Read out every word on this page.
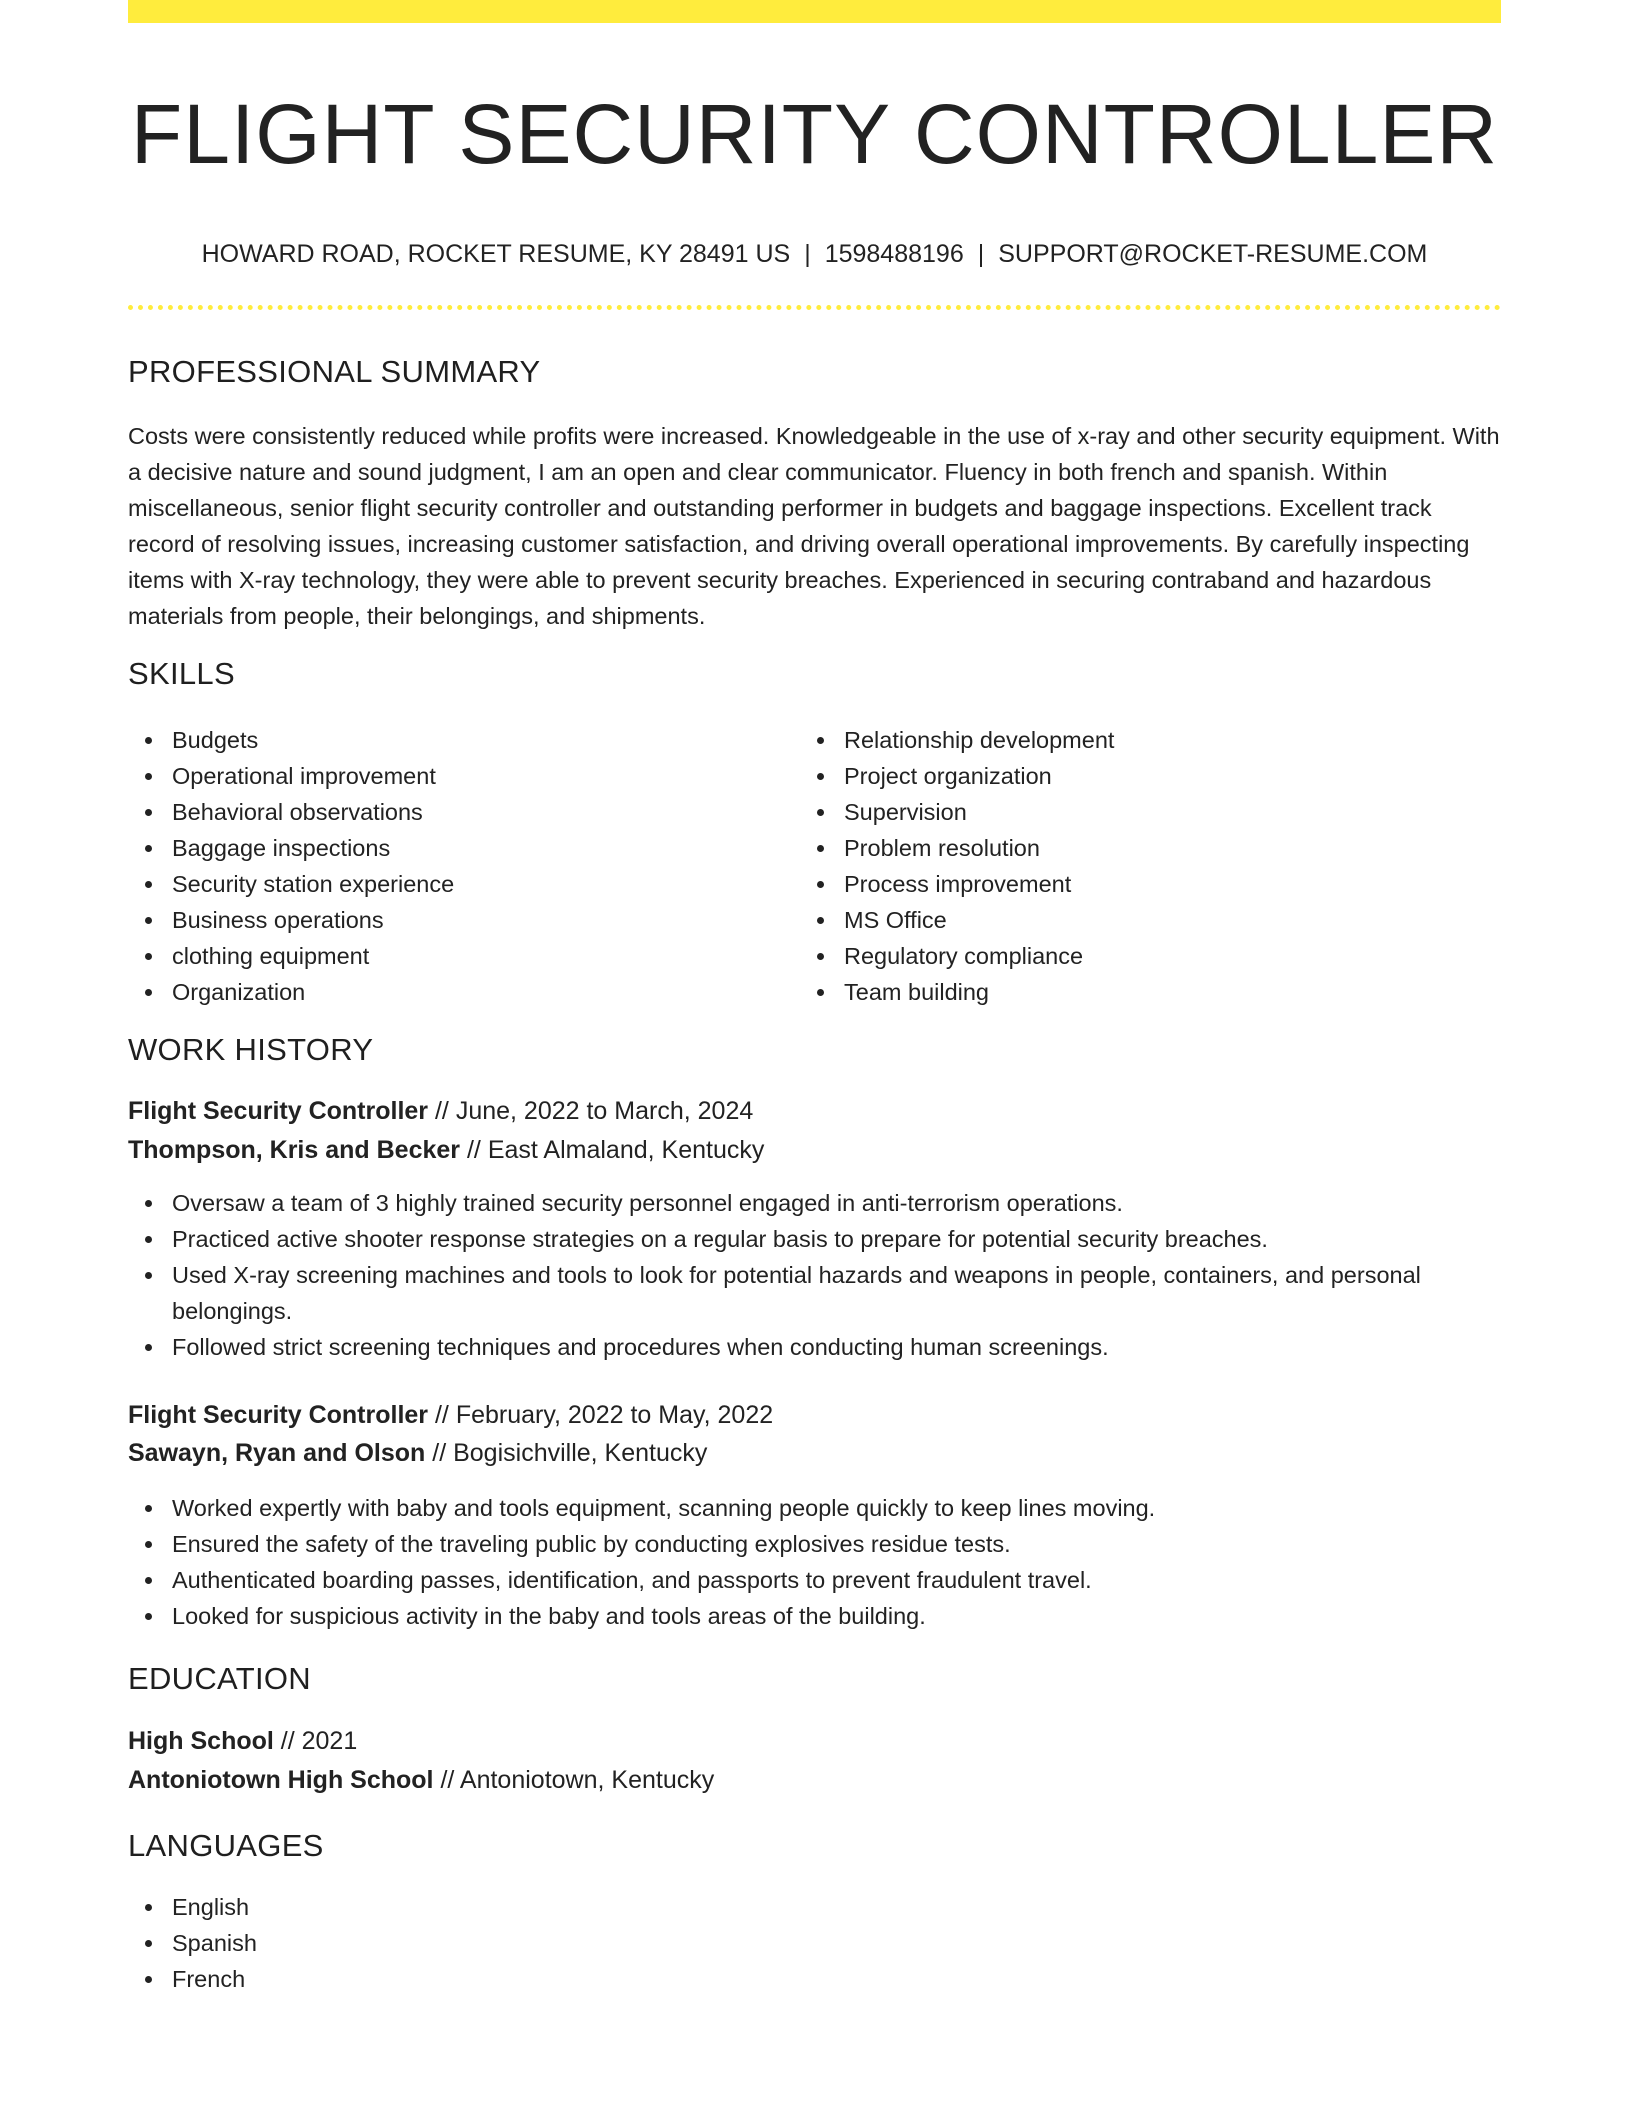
FLIGHT SECURITY CONTROLLER
HOWARD ROAD, ROCKET RESUME, KY 28491 US | 1598488196 | SUPPORT@ROCKET-RESUME.COM
PROFESSIONAL SUMMARY
Costs were consistently reduced while profits were increased. Knowledgeable in the use of x-ray and other security equipment. With a decisive nature and sound judgment, I am an open and clear communicator. Fluency in both french and spanish. Within miscellaneous, senior flight security controller and outstanding performer in budgets and baggage inspections. Excellent track record of resolving issues, increasing customer satisfaction, and driving overall operational improvements. By carefully inspecting items with X-ray technology, they were able to prevent security breaches. Experienced in securing contraband and hazardous materials from people, their belongings, and shipments.
SKILLS
Budgets
Operational improvement
Behavioral observations
Baggage inspections
Security station experience
Business operations
clothing equipment
Organization
Relationship development
Project organization
Supervision
Problem resolution
Process improvement
MS Office
Regulatory compliance
Team building
WORK HISTORY
Flight Security Controller // June, 2022 to March, 2024
Thompson, Kris and Becker // East Almaland, Kentucky
Oversaw a team of 3 highly trained security personnel engaged in anti-terrorism operations.
Practiced active shooter response strategies on a regular basis to prepare for potential security breaches.
Used X-ray screening machines and tools to look for potential hazards and weapons in people, containers, and personal belongings.
Followed strict screening techniques and procedures when conducting human screenings.
Flight Security Controller // February, 2022 to May, 2022
Sawayn, Ryan and Olson // Bogisichville, Kentucky
Worked expertly with baby and tools equipment, scanning people quickly to keep lines moving.
Ensured the safety of the traveling public by conducting explosives residue tests.
Authenticated boarding passes, identification, and passports to prevent fraudulent travel.
Looked for suspicious activity in the baby and tools areas of the building.
EDUCATION
High School // 2021
Antoniotown High School // Antoniotown, Kentucky
LANGUAGES
English
Spanish
French
